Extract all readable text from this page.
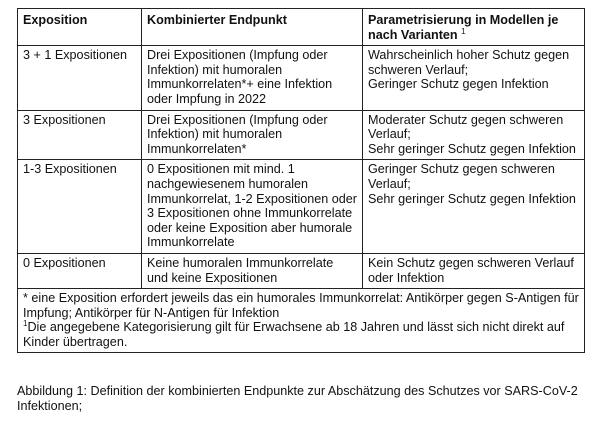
Exposition	Kombinierter Endpunkt	Parametrisierung in Modellen je nach Varianten $^1$
3 + 1 Expositionen	Drei Expositionen (Impfung oder Infektion) mit humoralen Immunkorrelaten*+ eine Infektion oder Impfung in 2022	Wahrscheinlich hoher Schutz gegen schweren Verlauf;
Geringer Schutz gegen Infektion
3 Expositionen	Drei Expositionen (Impfung oder Infektion) mit humoralen Immunkorrelaten*	Moderater Schutz gegen schweren Verlauf;
Sehr geringer Schutz gegen Infektion
1-3 Expositionen	0 Expositionen mit mind. 1 nachgewiesenem humoralen Immunkorrelat, 1-2 Expositionen oder 3 Expositionen ohne Immunkorrelate oder keine Exposition aber humorale Immunkorrelate	Geringer Schutz gegen schweren Verlauf;
Sehr geringer Schutz gegen Infektion
0 Expositionen	Keine humoralen Immunkorrelate und keine Expositionen	Kein Schutz gegen schweren Verlauf oder Infektion

* eine Exposition erfordert jeweils das ein humorales Immunkorrelat: Antikörper gegen S-Antigen für Impfung; Antikörper für N-Antigen für Infektion
$^1$Die angegebene Kategorisierung gilt für Erwachsene ab 18 Jahren und lässt sich nicht direkt auf Kinder übertragen.		
Abbildung 1: Definition der kombinierten Endpunkte zur Abschätzung des Schutzes vor SARS-CoV-2 Infektionen;
